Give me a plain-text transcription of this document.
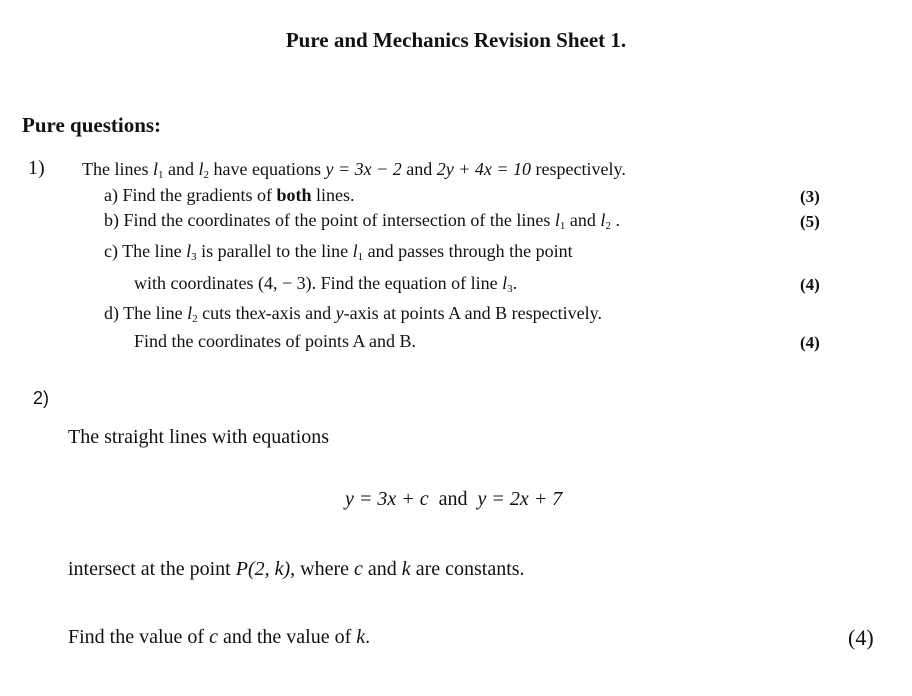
Pure and Mechanics Revision Sheet 1.
Pure questions:
1) The lines $l_1$ and $l_2$ have equations y = 3x − 2 and 2y + 4x = 10 respectively.
a) Find the gradients of both lines.	(3)
b) Find the coordinates of the point of intersection of the lines $l_1$ and $l_2$ .	(5)
c) The line $l_3$ is parallel to the line $l_1$ and passes through the point
with coordinates (4, − 3). Find the equation of line $l_3$.	(4)
d) The line $l_2$ cuts thex-axis and y-axis at points A and B respectively.
Find the coordinates of points A and B.	(4)
2)
The straight lines with equations
y = 3x + c and y = 2x + 7
intersect at the point P(2, k), where c and k are constants.
Find the value of c and the value of k.	(4)
